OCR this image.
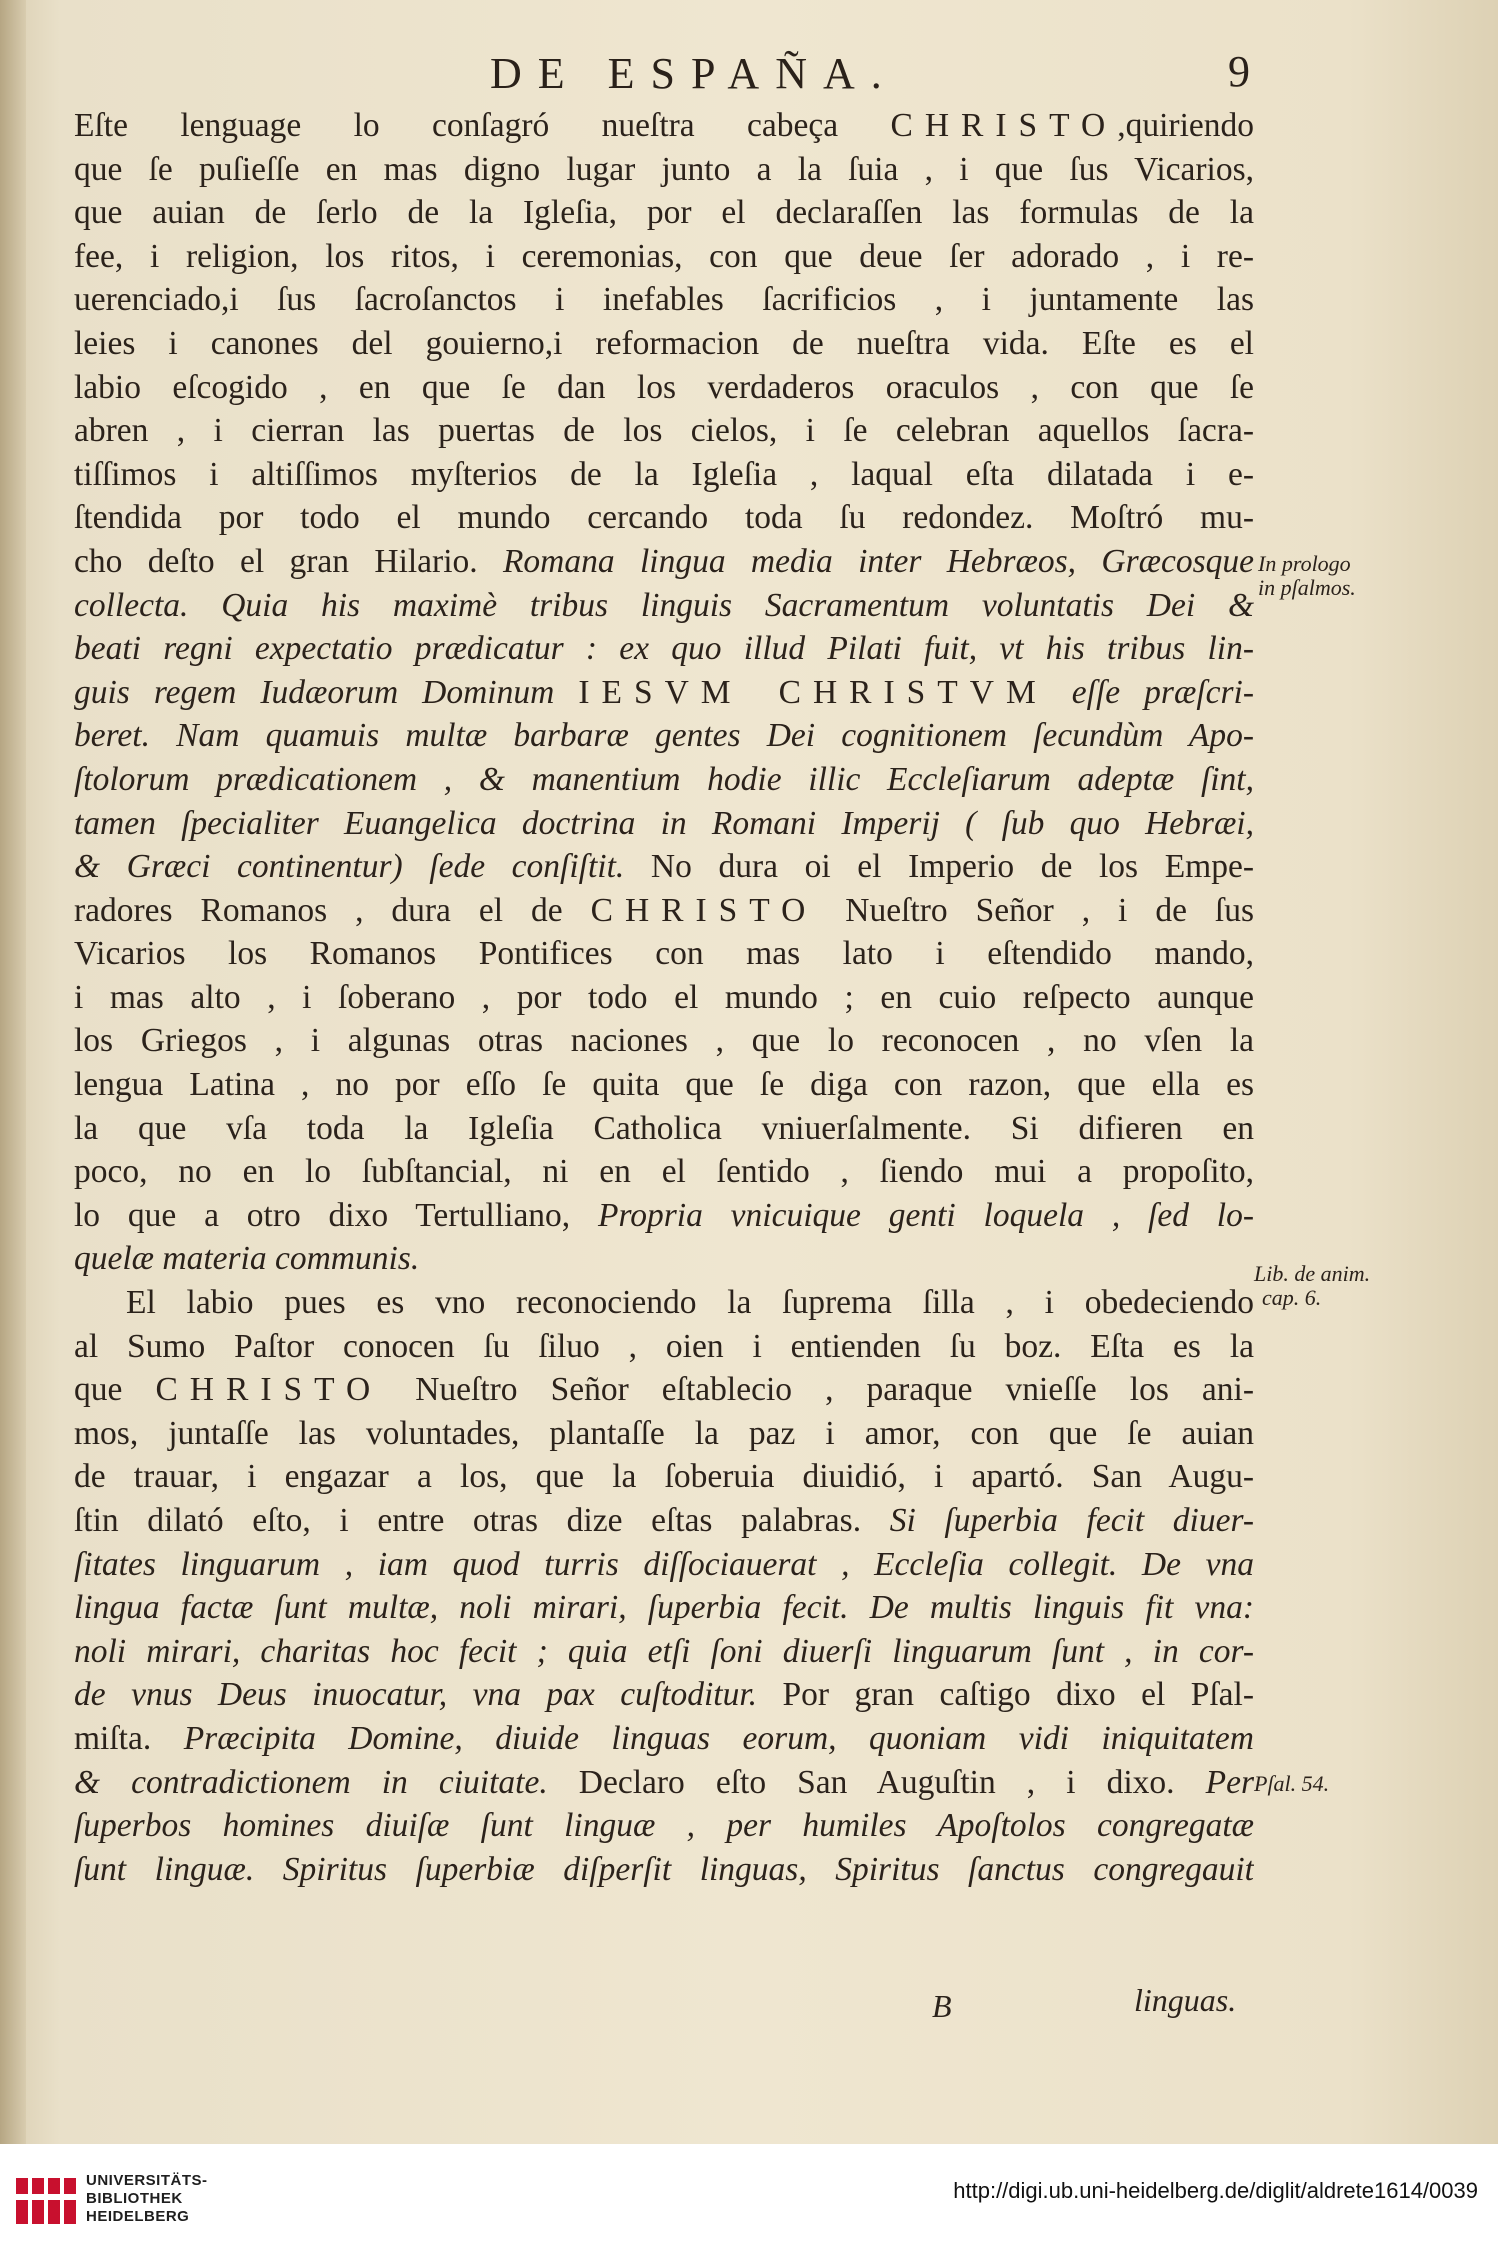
DE ESPAÑA.	9
Eſte lenguage lo conſagró nueſtra cabeça CHRISTO,quiriendo
que ſe puſieſſe en mas digno lugar junto a la ſuia , i que ſus Vicarios,
que auian de ſerlo de la Igleſia, por el declaraſſen las formulas de la
fee, i religion, los ritos, i ceremonias, con que deue ſer adorado , i re-
uerenciado,i ſus ſacroſanctos i inefables ſacrificios , i juntamente las
leies i canones del gouierno,i reformacion de nueſtra vida. Eſte es el
labio eſcogido , en que ſe dan los verdaderos oraculos , con que ſe
abren , i cierran las puertas de los cielos, i ſe celebran aquellos ſacra-
tiſſimos i altiſſimos myſterios de la Igleſia , laqual eſta dilatada i e-
ſtendida por todo el mundo cercando toda ſu redondez. Moſtró mu-
cho deſto el gran Hilario. Romana lingua media inter Hebræos, Græcosque
collecta. Quia his maximè tribus linguis Sacramentum voluntatis Dei &
beati regni expectatio prædicatur : ex quo illud Pilati fuit, vt his tribus lin-
guis regem Iudæorum Dominum IESVM CHRISTVM eſſe præſcri-
beret. Nam quamuis multæ barbaræ gentes Dei cognitionem ſecundùm Apo-
ſtolorum prædicationem , & manentium hodie illic Eccleſiarum adeptæ ſint,
tamen ſpecialiter Euangelica doctrina in Romani Imperij ( ſub quo Hebræi,
& Græci continentur) ſede conſiſtit. No dura oi el Imperio de los Empe-
radores Romanos , dura el de CHRISTO Nueſtro Señor , i de ſus
Vicarios los Romanos Pontifices con mas lato i eſtendido mando,
i mas alto , i ſoberano , por todo el mundo ; en cuio reſpecto aunque
los Griegos , i algunas otras naciones , que lo reconocen , no vſen la
lengua Latina , no por eſſo ſe quita que ſe diga con razon, que ella es
la que vſa toda la Igleſia Catholica vniuerſalmente. Si difieren en
poco, no en lo ſubſtancial, ni en el ſentido , ſiendo mui a propoſito,
lo que a otro dixo Tertulliano, Propria vnicuique genti loquela , ſed lo-
quelæ materia communis.
El labio pues es vno reconociendo la ſuprema ſilla , i obedeciendo
al Sumo Paſtor conocen ſu ſiluo , oien i entienden ſu boz. Eſta es la
que CHRISTO Nueſtro Señor eſtablecio , paraque vnieſſe los ani-
mos, juntaſſe las voluntades, plantaſſe la paz i amor, con que ſe auian
de trauar, i engazar a los, que la ſoberuia diuidió, i apartó. San Augu-
ſtin dilató eſto, i entre otras dize eſtas palabras. Si ſuperbia fecit diuer-
ſitates linguarum , iam quod turris diſſociauerat , Eccleſia collegit. De vna
lingua factæ ſunt multæ, noli mirari, ſuperbia fecit. De multis linguis fit vna:
noli mirari, charitas hoc fecit ; quia etſi ſoni diuerſi linguarum ſunt , in cor-
de vnus Deus inuocatur, vna pax cuſtoditur. Por gran caſtigo dixo el Pſal-
miſta. Præcipita Domine, diuide linguas eorum, quoniam vidi iniquitatem
& contradictionem in ciuitate. Declaro eſto San Auguſtin , i dixo. Per
ſuperbos homines diuiſæ ſunt linguæ , per humiles Apoſtolos congregatæ
ſunt linguæ. Spiritus ſuperbiæ diſperſit linguas, Spiritus ſanctus congregauit
In prologo
in pſalmos.
Lib. de anim.
cap. 6.
Pſal. 54.
B	linguas.
UNIVERSITÄTS-
BIBLIOTHEK
HEIDELBERG
http://digi.ub.uni-heidelberg.de/diglit/aldrete1614/0039
